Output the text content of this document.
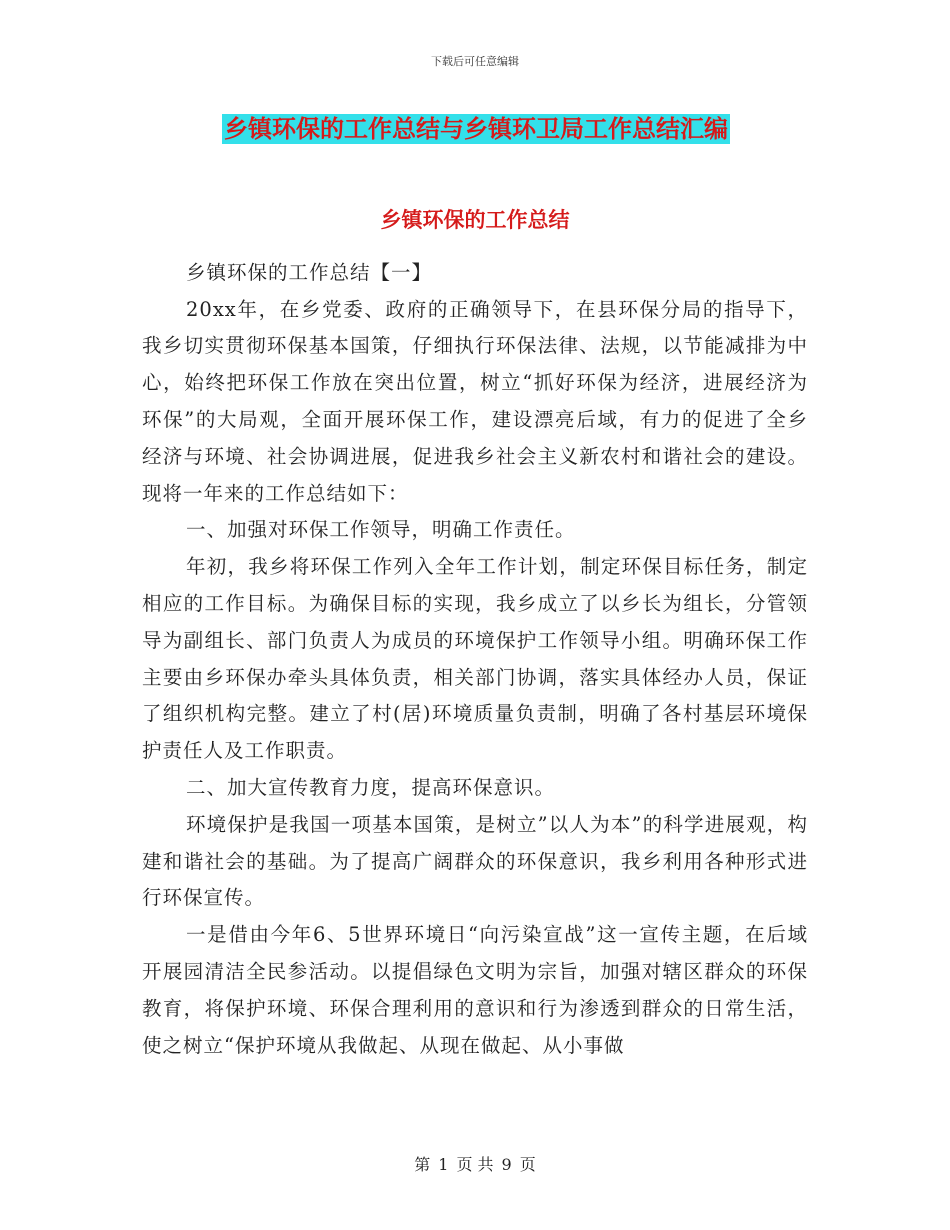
下载后可任意编辑
乡镇环保的工作总结与乡镇环卫局工作总结汇编
乡镇环保的工作总结

乡镇环保的工作总结【一】

20xx年，在乡党委、政府的正确领导下，在县环保分局的指导下，我乡切实贯彻环保基本国策，仔细执行环保法律、法规，以节能减排为中心，始终把环保工作放在突出位置，树立“抓好环保为经济，进展经济为环保”的大局观，全面开展环保工作，建设漂亮后域，有力的促进了全乡经济与环境、社会协调进展，促进我乡社会主义新农村和谐社会的建设。现将一年来的工作总结如下：

一、加强对环保工作领导，明确工作责任。

年初，我乡将环保工作列入全年工作计划，制定环保目标任务，制定相应的工作目标。为确保目标的实现，我乡成立了以乡长为组长，分管领导为副组长、部门负责人为成员的环境保护工作领导小组。明确环保工作主要由乡环保办牵头具体负责，相关部门协调，落实具体经办人员，保证了组织机构完整。建立了村(居)环境质量负责制，明确了各村基层环境保护责任人及工作职责。

二、加大宣传教育力度，提高环保意识。

环境保护是我国一项基本国策，是树立”以人为本”的科学进展观，构建和谐社会的基础。为了提高广阔群众的环保意识，我乡利用各种形式进行环保宣传。

一是借由今年6、5世界环境日“向污染宣战”这一宣传主题，在后域开展园清洁全民参活动。以提倡绿色文明为宗旨，加强对辖区群众的环保教育，将保护环境、环保合理利用的意识和行为渗透到群众的日常生活，使之树立“保护环境从我做起、从现在做起、从小事做

第 1 页 共 9 页
